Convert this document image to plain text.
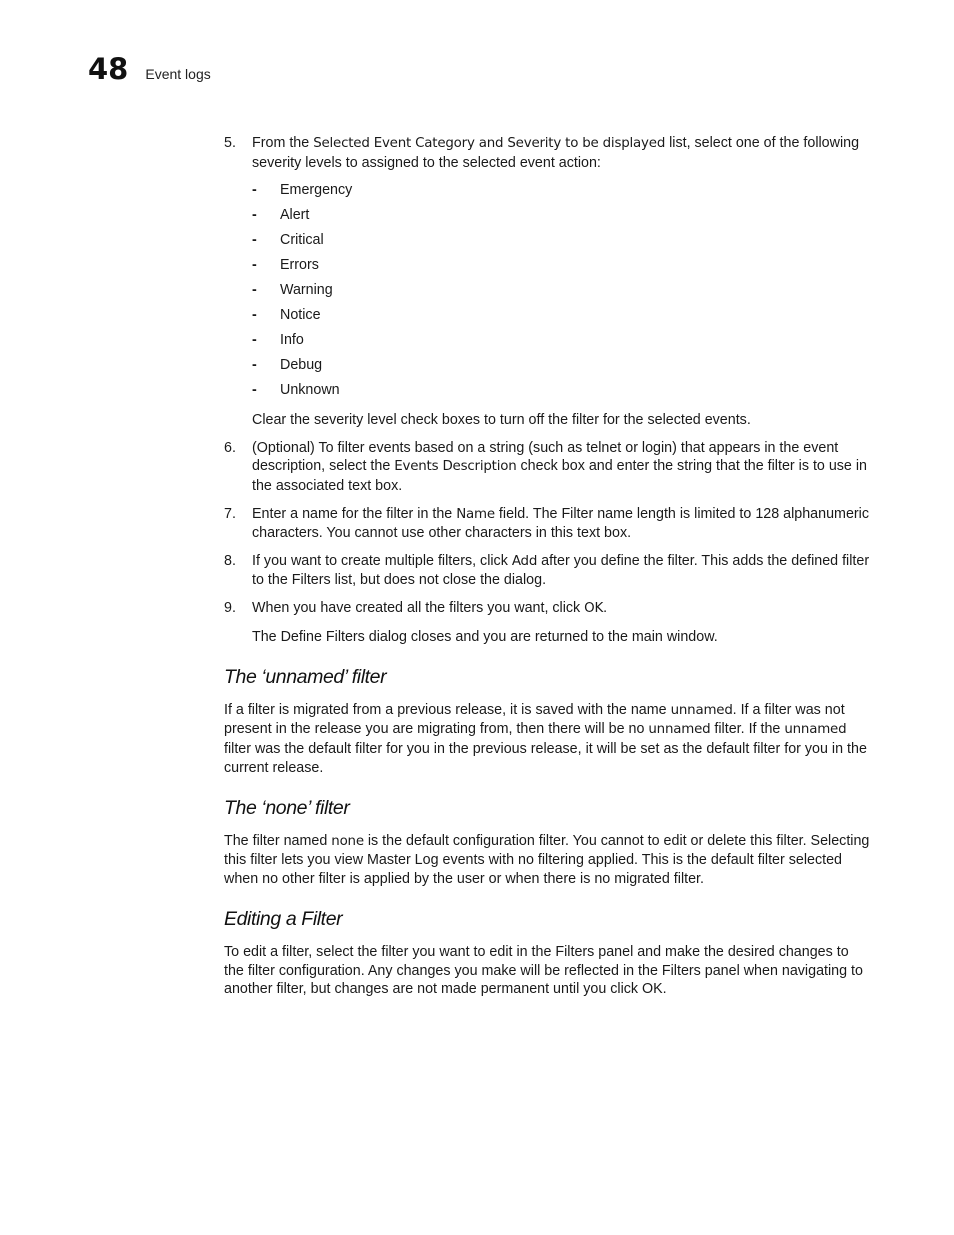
48 Event logs
5. From the Selected Event Category and Severity to be displayed list, select one of the following severity levels to assigned to the selected event action:

- Emergency
- Alert
- Critical
- Errors
- Warning
- Notice
- Info
- Debug
- Unknown

Clear the severity level check boxes to turn off the filter for the selected events.

6. (Optional) To filter events based on a string (such as telnet or login) that appears in the event description, select the Events Description check box and enter the string that the filter is to use in the associated text box.

7. Enter a name for the filter in the Name field. The Filter name length is limited to 128 alphanumeric characters. You cannot use other characters in this text box.

8. If you want to create multiple filters, click Add after you define the filter. This adds the defined filter to the Filters list, but does not close the dialog.

9. When you have created all the filters you want, click OK.

The Define Filters dialog closes and you are returned to the main window.

The ‘unnamed’ filter

If a filter is migrated from a previous release, it is saved with the name unnamed. If a filter was not present in the release you are migrating from, then there will be no unnamed filter. If the unnamed filter was the default filter for you in the previous release, it will be set as the default filter for you in the current release.

The ‘none’ filter

The filter named none is the default configuration filter. You cannot to edit or delete this filter. Selecting this filter lets you view Master Log events with no filtering applied. This is the default filter selected when no other filter is applied by the user or when there is no migrated filter.

Editing a Filter

To edit a filter, select the filter you want to edit in the Filters panel and make the desired changes to the filter configuration. Any changes you make will be reflected in the Filters panel when navigating to another filter, but changes are not made permanent until you click OK.
